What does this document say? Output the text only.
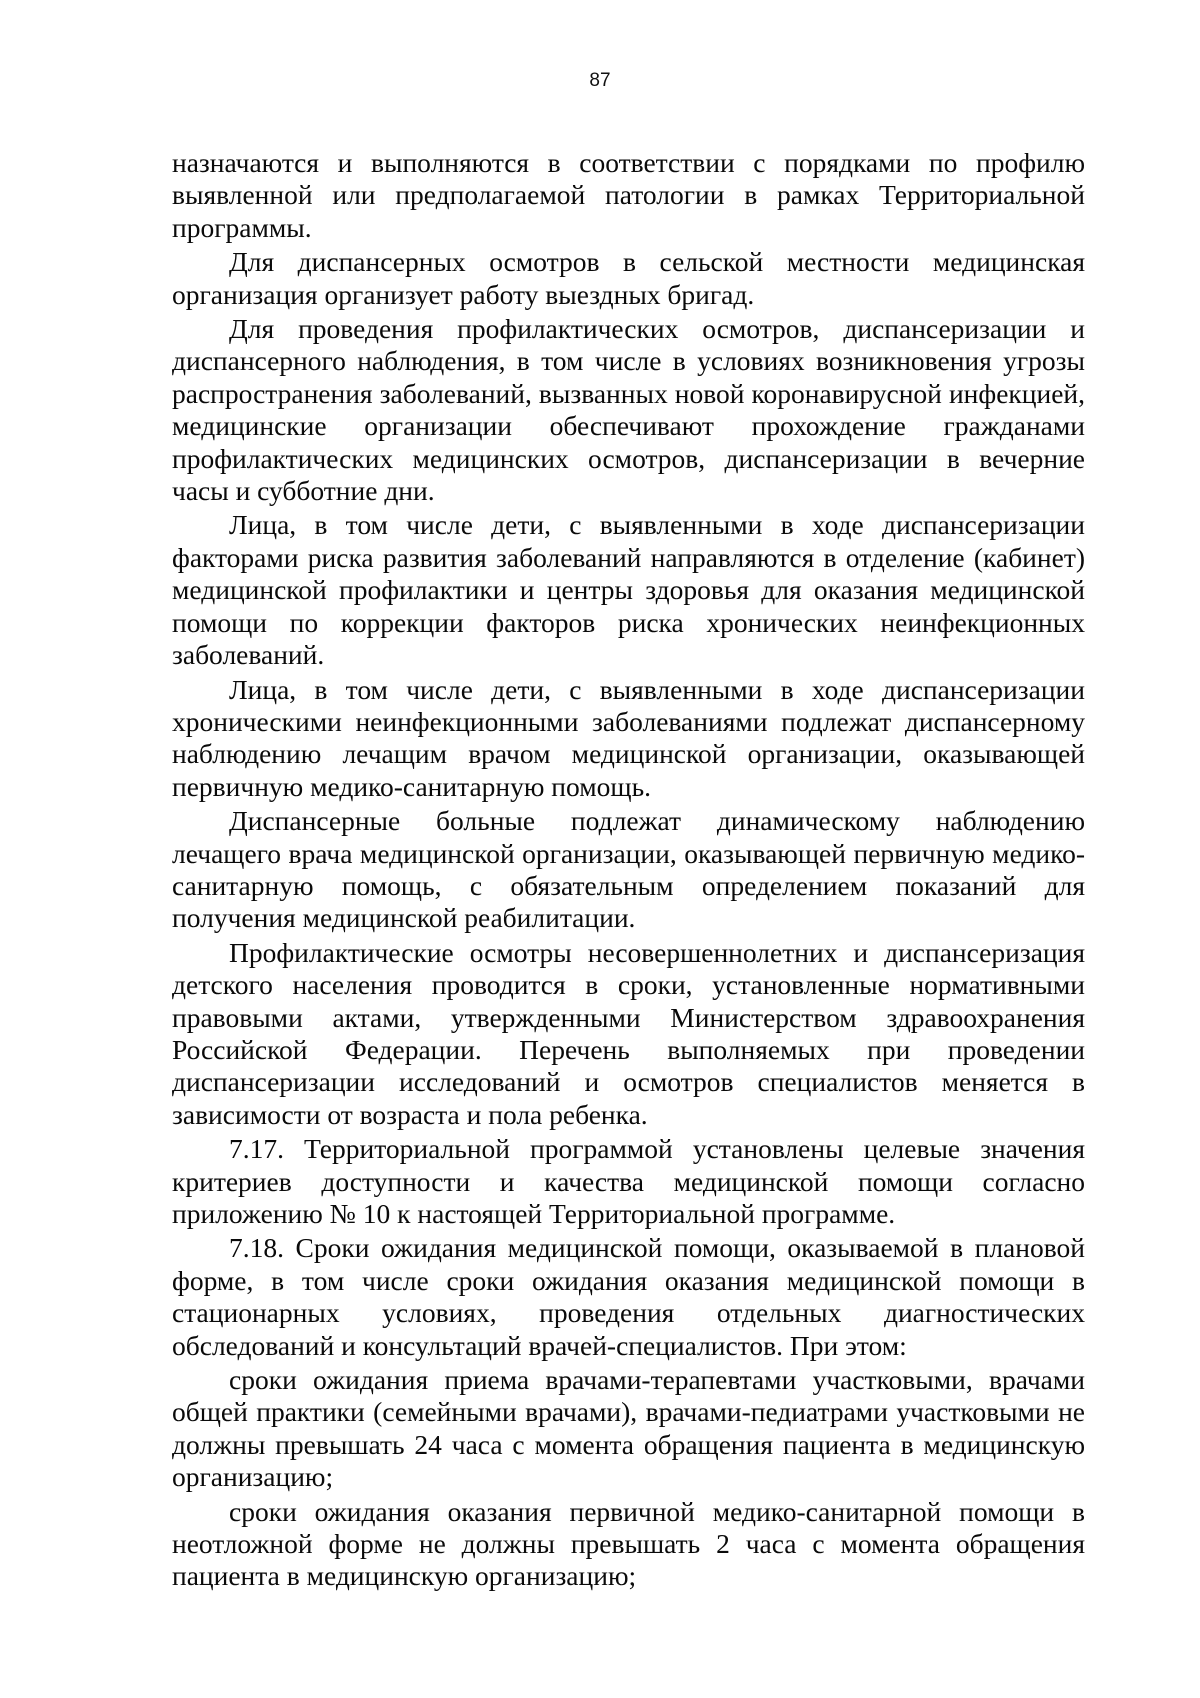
87

назначаются и выполняются в соответствии с порядками по профилю выявленной или предполагаемой патологии в рамках Территориальной программы.

Для диспансерных осмотров в сельской местности медицинская организация организует работу выездных бригад.

Для проведения профилактических осмотров, диспансеризации и диспансерного наблюдения, в том числе в условиях возникновения угрозы распространения заболеваний, вызванных новой коронавирусной инфекцией, медицинские организации обеспечивают прохождение гражданами профилактических медицинских осмотров, диспансеризации в вечерние часы и субботние дни.

Лица, в том числе дети, с выявленными в ходе диспансеризации факторами риска развития заболеваний направляются в отделение (кабинет) медицинской профилактики и центры здоровья для оказания медицинской помощи по коррекции факторов риска хронических неинфекционных заболеваний.

Лица, в том числе дети, с выявленными в ходе диспансеризации хроническими неинфекционными заболеваниями подлежат диспансерному наблюдению лечащим врачом медицинской организации, оказывающей первичную медико-санитарную помощь.

Диспансерные больные подлежат динамическому наблюдению лечащего врача медицинской организации, оказывающей первичную медико-санитарную помощь, с обязательным определением показаний для получения медицинской реабилитации.

Профилактические осмотры несовершеннолетних и диспансеризация детского населения проводится в сроки, установленные нормативными правовыми актами, утвержденными Министерством здравоохранения Российской Федерации. Перечень выполняемых при проведении диспансеризации исследований и осмотров специалистов меняется в зависимости от возраста и пола ребенка.

7.17. Территориальной программой установлены целевые значения критериев доступности и качества медицинской помощи согласно приложению № 10 к настоящей Территориальной программе.

7.18. Сроки ожидания медицинской помощи, оказываемой в плановой форме, в том числе сроки ожидания оказания медицинской помощи в стационарных условиях, проведения отдельных диагностических обследований и консультаций врачей-специалистов. При этом:

сроки ожидания приема врачами-терапевтами участковыми, врачами общей практики (семейными врачами), врачами-педиатрами участковыми не должны превышать 24 часа с момента обращения пациента в медицинскую организацию;

сроки ожидания оказания первичной медико-санитарной помощи в неотложной форме не должны превышать 2 часа с момента обращения пациента в медицинскую организацию;
